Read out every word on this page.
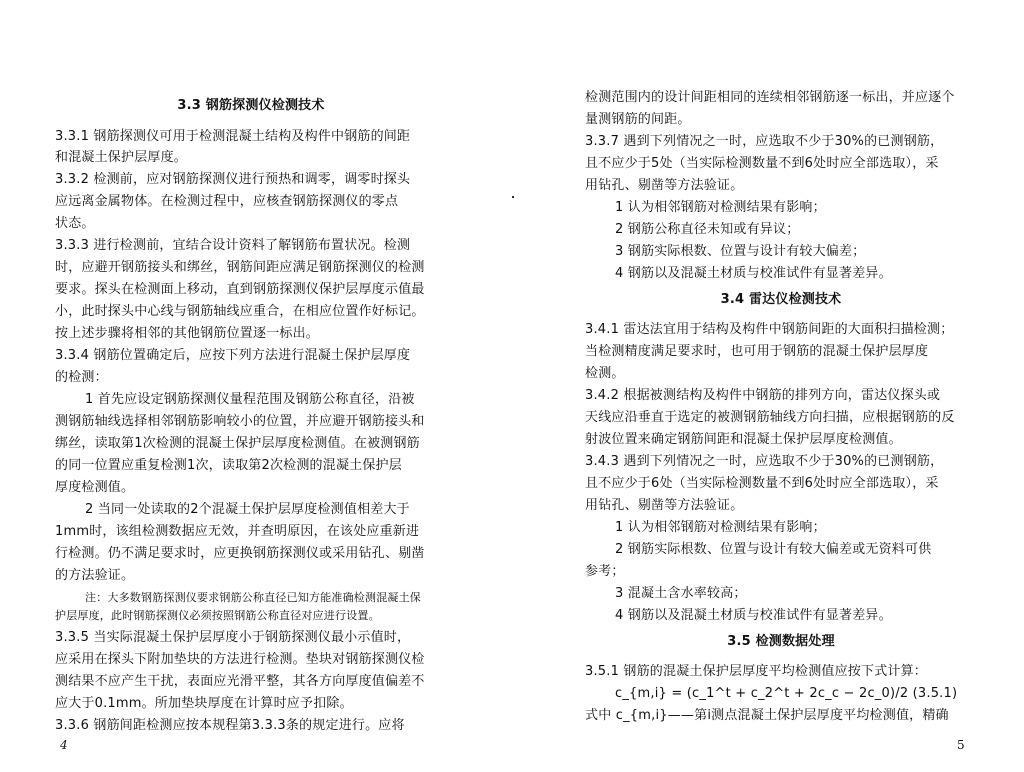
3.3 钢筋探测仪检测技术
3.3.1 钢筋探测仪可用于检测混凝土结构及构件中钢筋的间距
和混凝土保护层厚度。
3.3.2 检测前，应对钢筋探测仪进行预热和调零，调零时探头
应远离金属物体。在检测过程中，应核查钢筋探测仪的零点
状态。
3.3.3 进行检测前，宜结合设计资料了解钢筋布置状况。检测
时，应避开钢筋接头和绑丝，钢筋间距应满足钢筋探测仪的检测
要求。探头在检测面上移动，直到钢筋探测仪保护层厚度示值最
小，此时探头中心线与钢筋轴线应重合，在相应位置作好标记。
按上述步骤将相邻的其他钢筋位置逐一标出。
3.3.4 钢筋位置确定后，应按下列方法进行混凝土保护层厚度
的检测：
1 首先应设定钢筋探测仪量程范围及钢筋公称直径，沿被
测钢筋轴线选择相邻钢筋影响较小的位置，并应避开钢筋接头和
绑丝，读取第1次检测的混凝土保护层厚度检测值。在被测钢筋
的同一位置应重复检测1次，读取第2次检测的混凝土保护层
厚度检测值。
2 当同一处读取的2个混凝土保护层厚度检测值相差大于
1mm时，该组检测数据应无效，并查明原因，在该处应重新进
行检测。仍不满足要求时，应更换钢筋探测仪或采用钻孔、剔凿
的方法验证。
注：大多数钢筋探测仪要求钢筋公称直径已知方能准确检测混凝土保
护层厚度，此时钢筋探测仪必须按照钢筋公称直径对应进行设置。
3.3.5 当实际混凝土保护层厚度小于钢筋探测仪最小示值时，
应采用在探头下附加垫块的方法进行检测。垫块对钢筋探测仪检
测结果不应产生干扰，表面应光滑平整，其各方向厚度值偏差不
应大于0.1mm。所加垫块厚度在计算时应予扣除。
3.3.6 钢筋间距检测应按本规程第3.3.3条的规定进行。应将
4
检测范围内的设计间距相同的连续相邻钢筋逐一标出，并应逐个
量测钢筋的间距。
3.3.7 遇到下列情况之一时，应选取不少于30%的已测钢筋，
且不应少于5处（当实际检测数量不到6处时应全部选取），采
用钻孔、剔凿等方法验证。
1 认为相邻钢筋对检测结果有影响；
2 钢筋公称直径未知或有异议；
3 钢筋实际根数、位置与设计有较大偏差；
4 钢筋以及混凝土材质与校准试件有显著差异。
3.4 雷达仪检测技术
3.4.1 雷达法宜用于结构及构件中钢筋间距的大面积扫描检测；
当检测精度满足要求时，也可用于钢筋的混凝土保护层厚度
检测。
3.4.2 根据被测结构及构件中钢筋的排列方向，雷达仪探头或
天线应沿垂直于选定的被测钢筋轴线方向扫描，应根据钢筋的反
射波位置来确定钢筋间距和混凝土保护层厚度检测值。
3.4.3 遇到下列情况之一时，应选取不少于30%的已测钢筋，
且不应少于6处（当实际检测数量不到6处时应全部选取），采
用钻孔、剔凿等方法验证。
1 认为相邻钢筋对检测结果有影响；
2 钢筋实际根数、位置与设计有较大偏差或无资料可供
参考；
3 混凝土含水率较高；
4 钢筋以及混凝土材质与校准试件有显著差异。
3.5 检测数据处理
3.5.1 钢筋的混凝土保护层厚度平均检测值应按下式计算：
c_{m,i} = (c_1^t + c_2^t + 2c_c − 2c_0)/2 (3.5.1)
式中 c_{m,i}——第i测点混凝土保护层厚度平均检测值，精确
5
